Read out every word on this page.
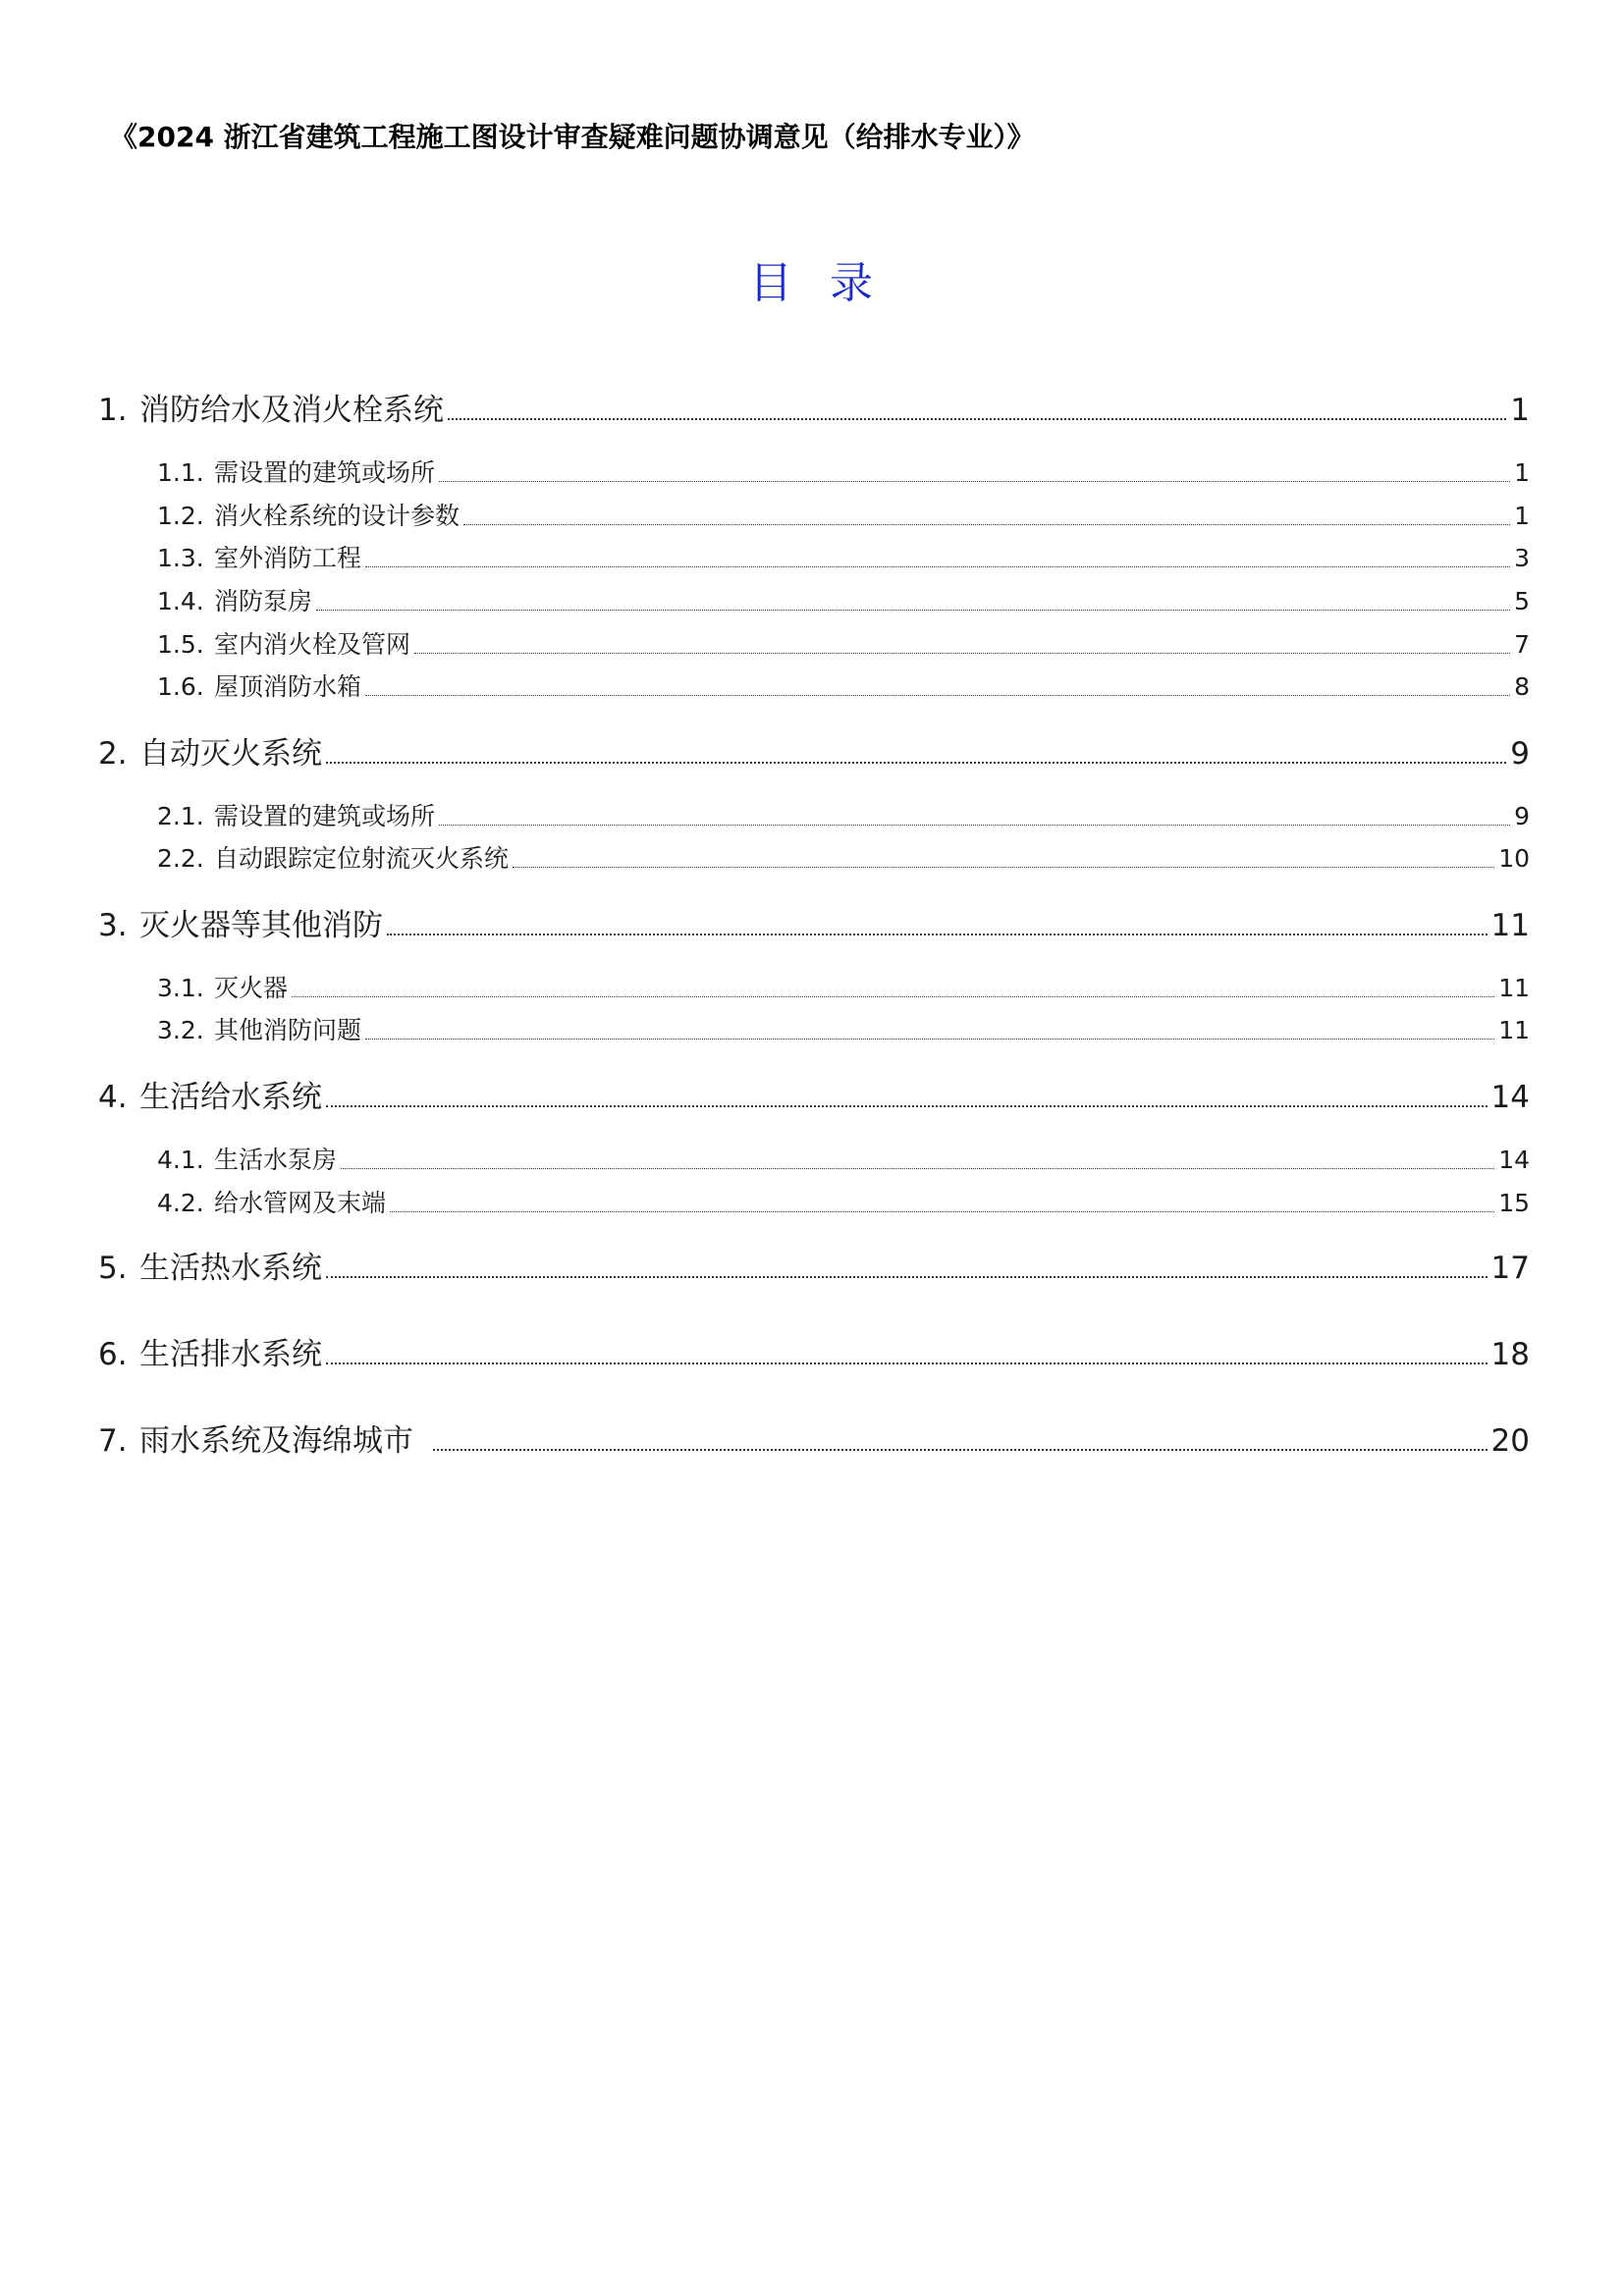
《2024 浙江省建筑工程施工图设计审查疑难问题协调意见（给排水专业）》
目 录
1. 消防给水及消火栓系统	1
1.1. 需设置的建筑或场所	1
1.2. 消火栓系统的设计参数	1
1.3. 室外消防工程	3
1.4. 消防泵房	5
1.5. 室内消火栓及管网	7
1.6. 屋顶消防水箱	8
2. 自动灭火系统	9
2.1. 需设置的建筑或场所	9
2.2. 自动跟踪定位射流灭火系统	10
3. 灭火器等其他消防	11
3.1. 灭火器	11
3.2. 其他消防问题	11
4. 生活给水系统	14
4.1. 生活水泵房	14
4.2. 给水管网及末端	15
5. 生活热水系统	17
6. 生活排水系统	18
7. 雨水系统及海绵城市	20
